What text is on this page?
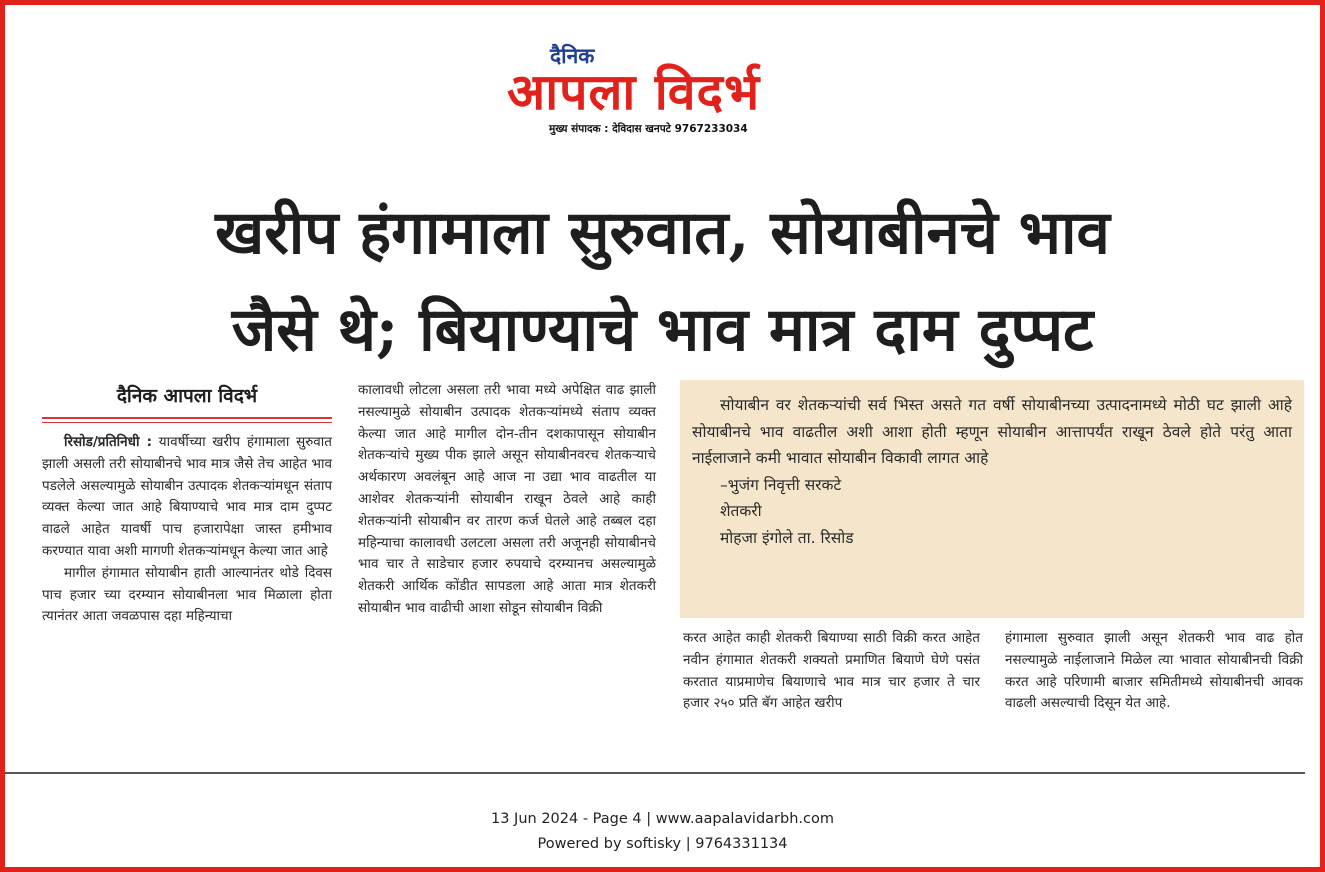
दैनिक
आपला विदर्भ
मुख्य संपादक : देविदास खनपटे 9767233034
खरीप हंगामाला सुरुवात, सोयाबीनचे भाव
जैसे थे; बियाण्याचे भाव मात्र दाम दुप्पट
दैनिक आपला विदर्भ

रिसोड/प्रतिनिधी : यावर्षीच्या खरीप हंगामाला सुरुवात झाली असली तरी सोयाबीनचे भाव मात्र जैसे तेच आहेत भाव पडलेले असल्यामुळे सोयाबीन उत्पादक शेतकऱ्यांमधून संताप व्यक्त केल्या जात आहे बियाण्याचे भाव मात्र दाम दुप्पट वाढले आहेत यावर्षी पाच हजारापेक्षा जास्त हमीभाव करण्यात यावा अशी मागणी शेतकऱ्यांमधून केल्या जात आहे

मागील हंगामात सोयाबीन हाती आल्यानंतर थोडे दिवस पाच हजार च्या दरम्यान सोयाबीनला भाव मिळाला होता त्यानंतर आता जवळपास दहा महिन्याचा

कालावधी लोटला असला तरी भावा मध्ये अपेक्षित वाढ झाली नसल्यामुळे सोयाबीन उत्पादक शेतकऱ्यांमध्ये संताप व्यक्त केल्या जात आहे मागील दोन-तीन दशकापासून सोयाबीन शेतकऱ्यांचे मुख्य पीक झाले असून सोयाबीनवरच शेतकऱ्याचे अर्थकारण अवलंबून आहे आज ना उद्या भाव वाढतील या आशेवर शेतकऱ्यांनी सोयाबीन राखून ठेवले आहे काही शेतकऱ्यांनी सोयाबीन वर तारण कर्ज घेतले आहे तब्बल दहा महिन्याचा कालावधी उलटला असला तरी अजूनही सोयाबीनचे भाव चार ते साडेचार हजार रुपयाचे दरम्यानच असल्यामुळे शेतकरी आर्थिक कोंडीत सापडला आहे आता मात्र शेतकरी सोयाबीन भाव वाढीची आशा सोडून सोयाबीन विक्री

सोयाबीन वर शेतकऱ्यांची सर्व भिस्त असते गत वर्षी सोयाबीनच्या उत्पादनामध्ये मोठी घट झाली आहे सोयाबीनचे भाव वाढतील अशी आशा होती म्हणून सोयाबीन आत्तापर्यंत राखून ठेवले होते परंतु आता नाईलाजाने कमी भावात सोयाबीन विकावी लागत आहे

–भुजंग निवृत्ती सरकटे

शेतकरी

मोहजा इंगोले ता. रिसोड

करत आहेत काही शेतकरी बियाण्या साठी विक्री करत आहेत नवीन हंगामात शेतकरी शक्यतो प्रमाणित बियाणे घेणे पसंत करतात याप्रमाणेच बियाणाचे भाव मात्र चार हजार ते चार हजार २५० प्रति बॅग आहेत खरीप
हंगामाला सुरुवात झाली असून शेतकरी भाव वाढ होत नसल्यामुळे नाईलाजाने मिळेल त्या भावात सोयाबीनची विक्री करत आहे परिणामी बाजार समितीमध्ये सोयाबीनची आवक वाढली असल्याची दिसून येत आहे.
13 Jun 2024 - Page 4 | www.aapalavidarbh.com
Powered by softisky | 9764331134
